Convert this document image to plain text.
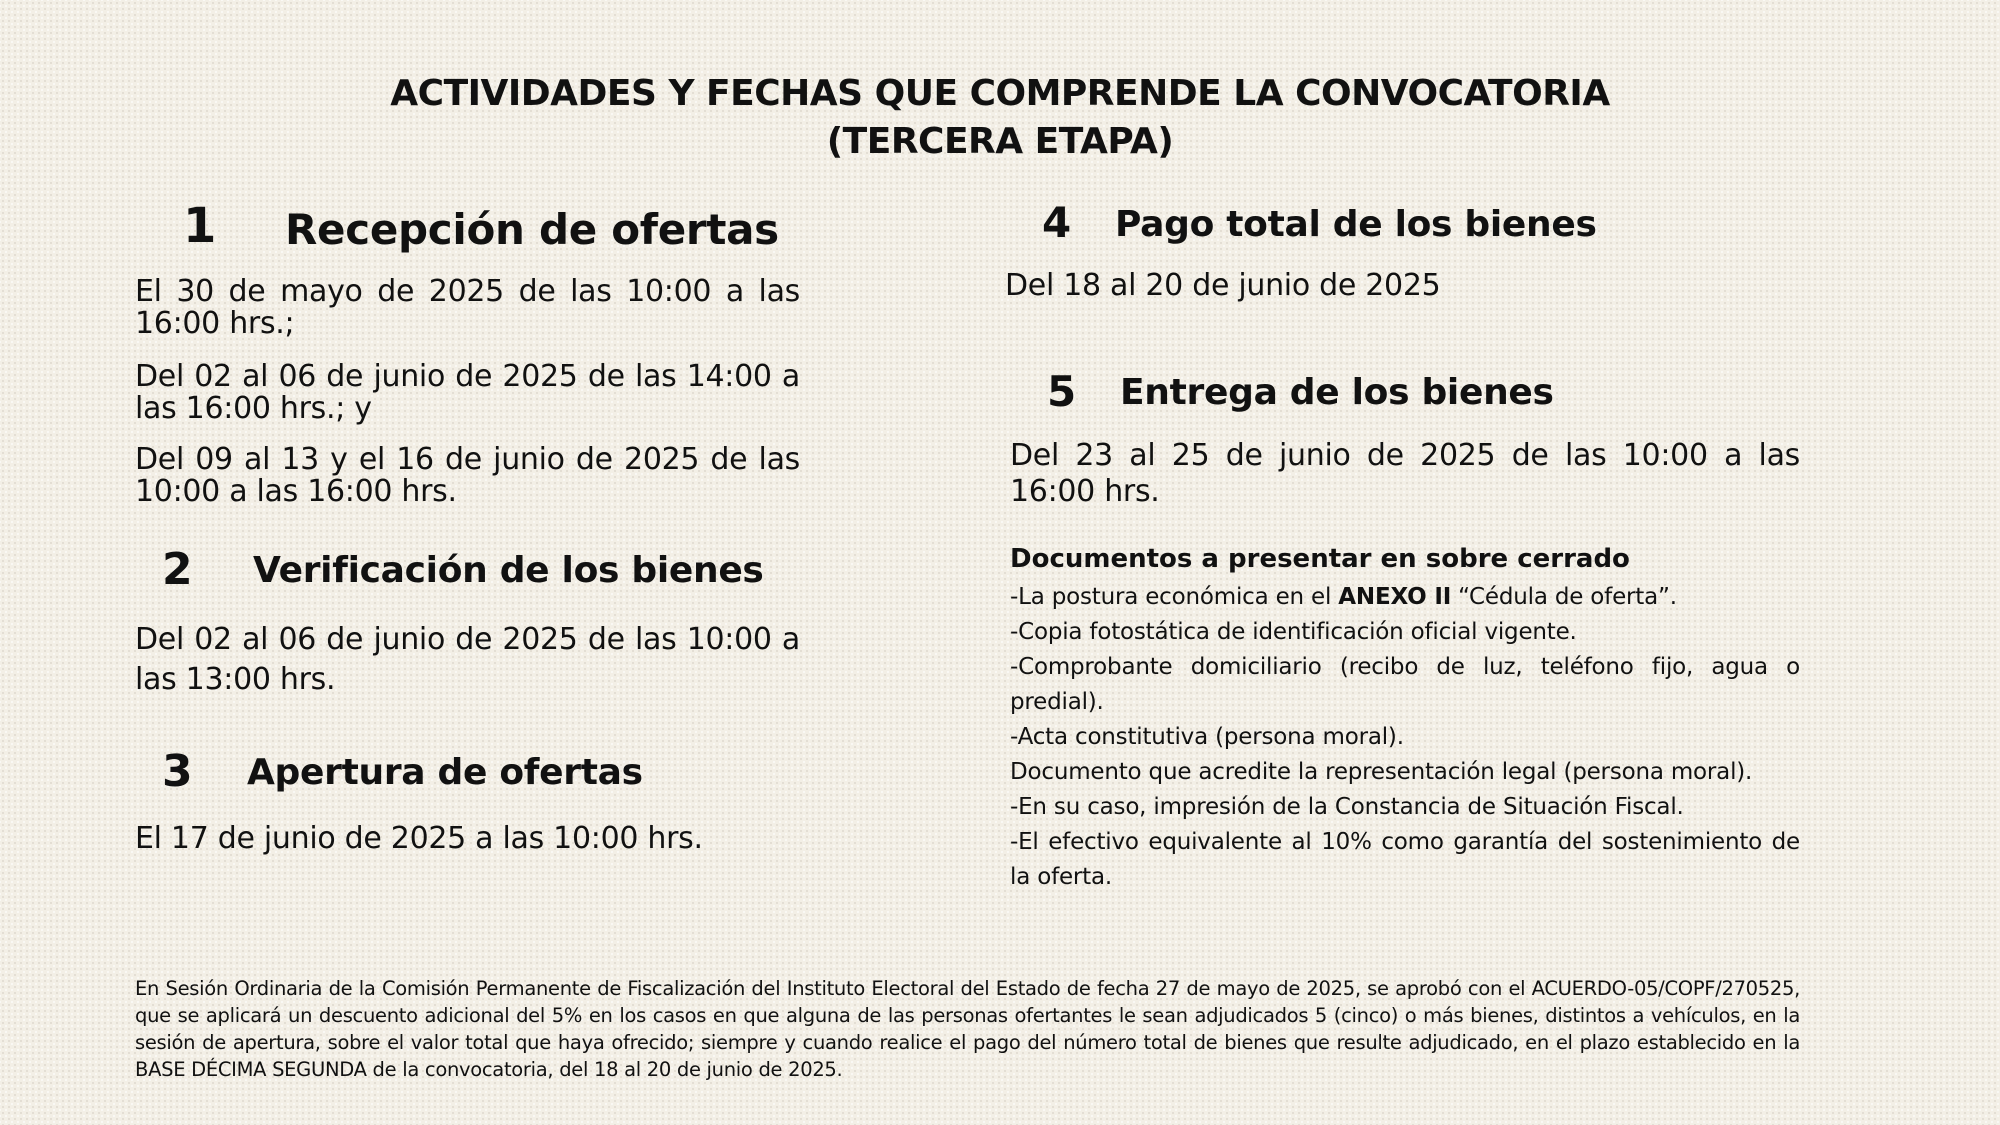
ACTIVIDADES Y FECHAS QUE COMPRENDE LA CONVOCATORIA
(TERCERA ETAPA)
1 Recepción de ofertas
El 30 de mayo de 2025 de las 10:00 a las 16:00 hrs.;
Del 02 al 06 de junio de 2025 de las 14:00 a las 16:00 hrs.; y
Del 09 al 13 y el 16 de junio de 2025 de las 10:00 a las 16:00 hrs.
2 Verificación de los bienes
Del 02 al 06 de junio de 2025 de las 10:00 a las 13:00 hrs.
3 Apertura de ofertas
El 17 de junio de 2025 a las 10:00 hrs.
4 Pago total de los bienes
Del 18 al 20 de junio de 2025
5 Entrega de los bienes
Del 23 al 25 de junio de 2025 de las 10:00 a las 16:00 hrs.
Documentos a presentar en sobre cerrado
-La postura económica en el ANEXO II “Cédula de oferta”.
-Copia fotostática de identificación oficial vigente.
-Comprobante domiciliario (recibo de luz, teléfono fijo, agua o predial).
-Acta constitutiva (persona moral).
Documento que acredite la representación legal (persona moral).
-En su caso, impresión de la Constancia de Situación Fiscal.
-El efectivo equivalente al 10% como garantía del sostenimiento de la oferta.
En Sesión Ordinaria de la Comisión Permanente de Fiscalización del Instituto Electoral del Estado de fecha 27 de mayo de 2025, se aprobó con el ACUERDO-05/COPF/270525, que se aplicará un descuento adicional del 5% en los casos en que alguna de las personas ofertantes le sean adjudicados 5 (cinco) o más bienes, distintos a vehículos, en la sesión de apertura, sobre el valor total que haya ofrecido; siempre y cuando realice el pago del número total de bienes que resulte adjudicado, en el plazo establecido en la BASE DÉCIMA SEGUNDA de la convocatoria, del 18 al 20 de junio de 2025.
